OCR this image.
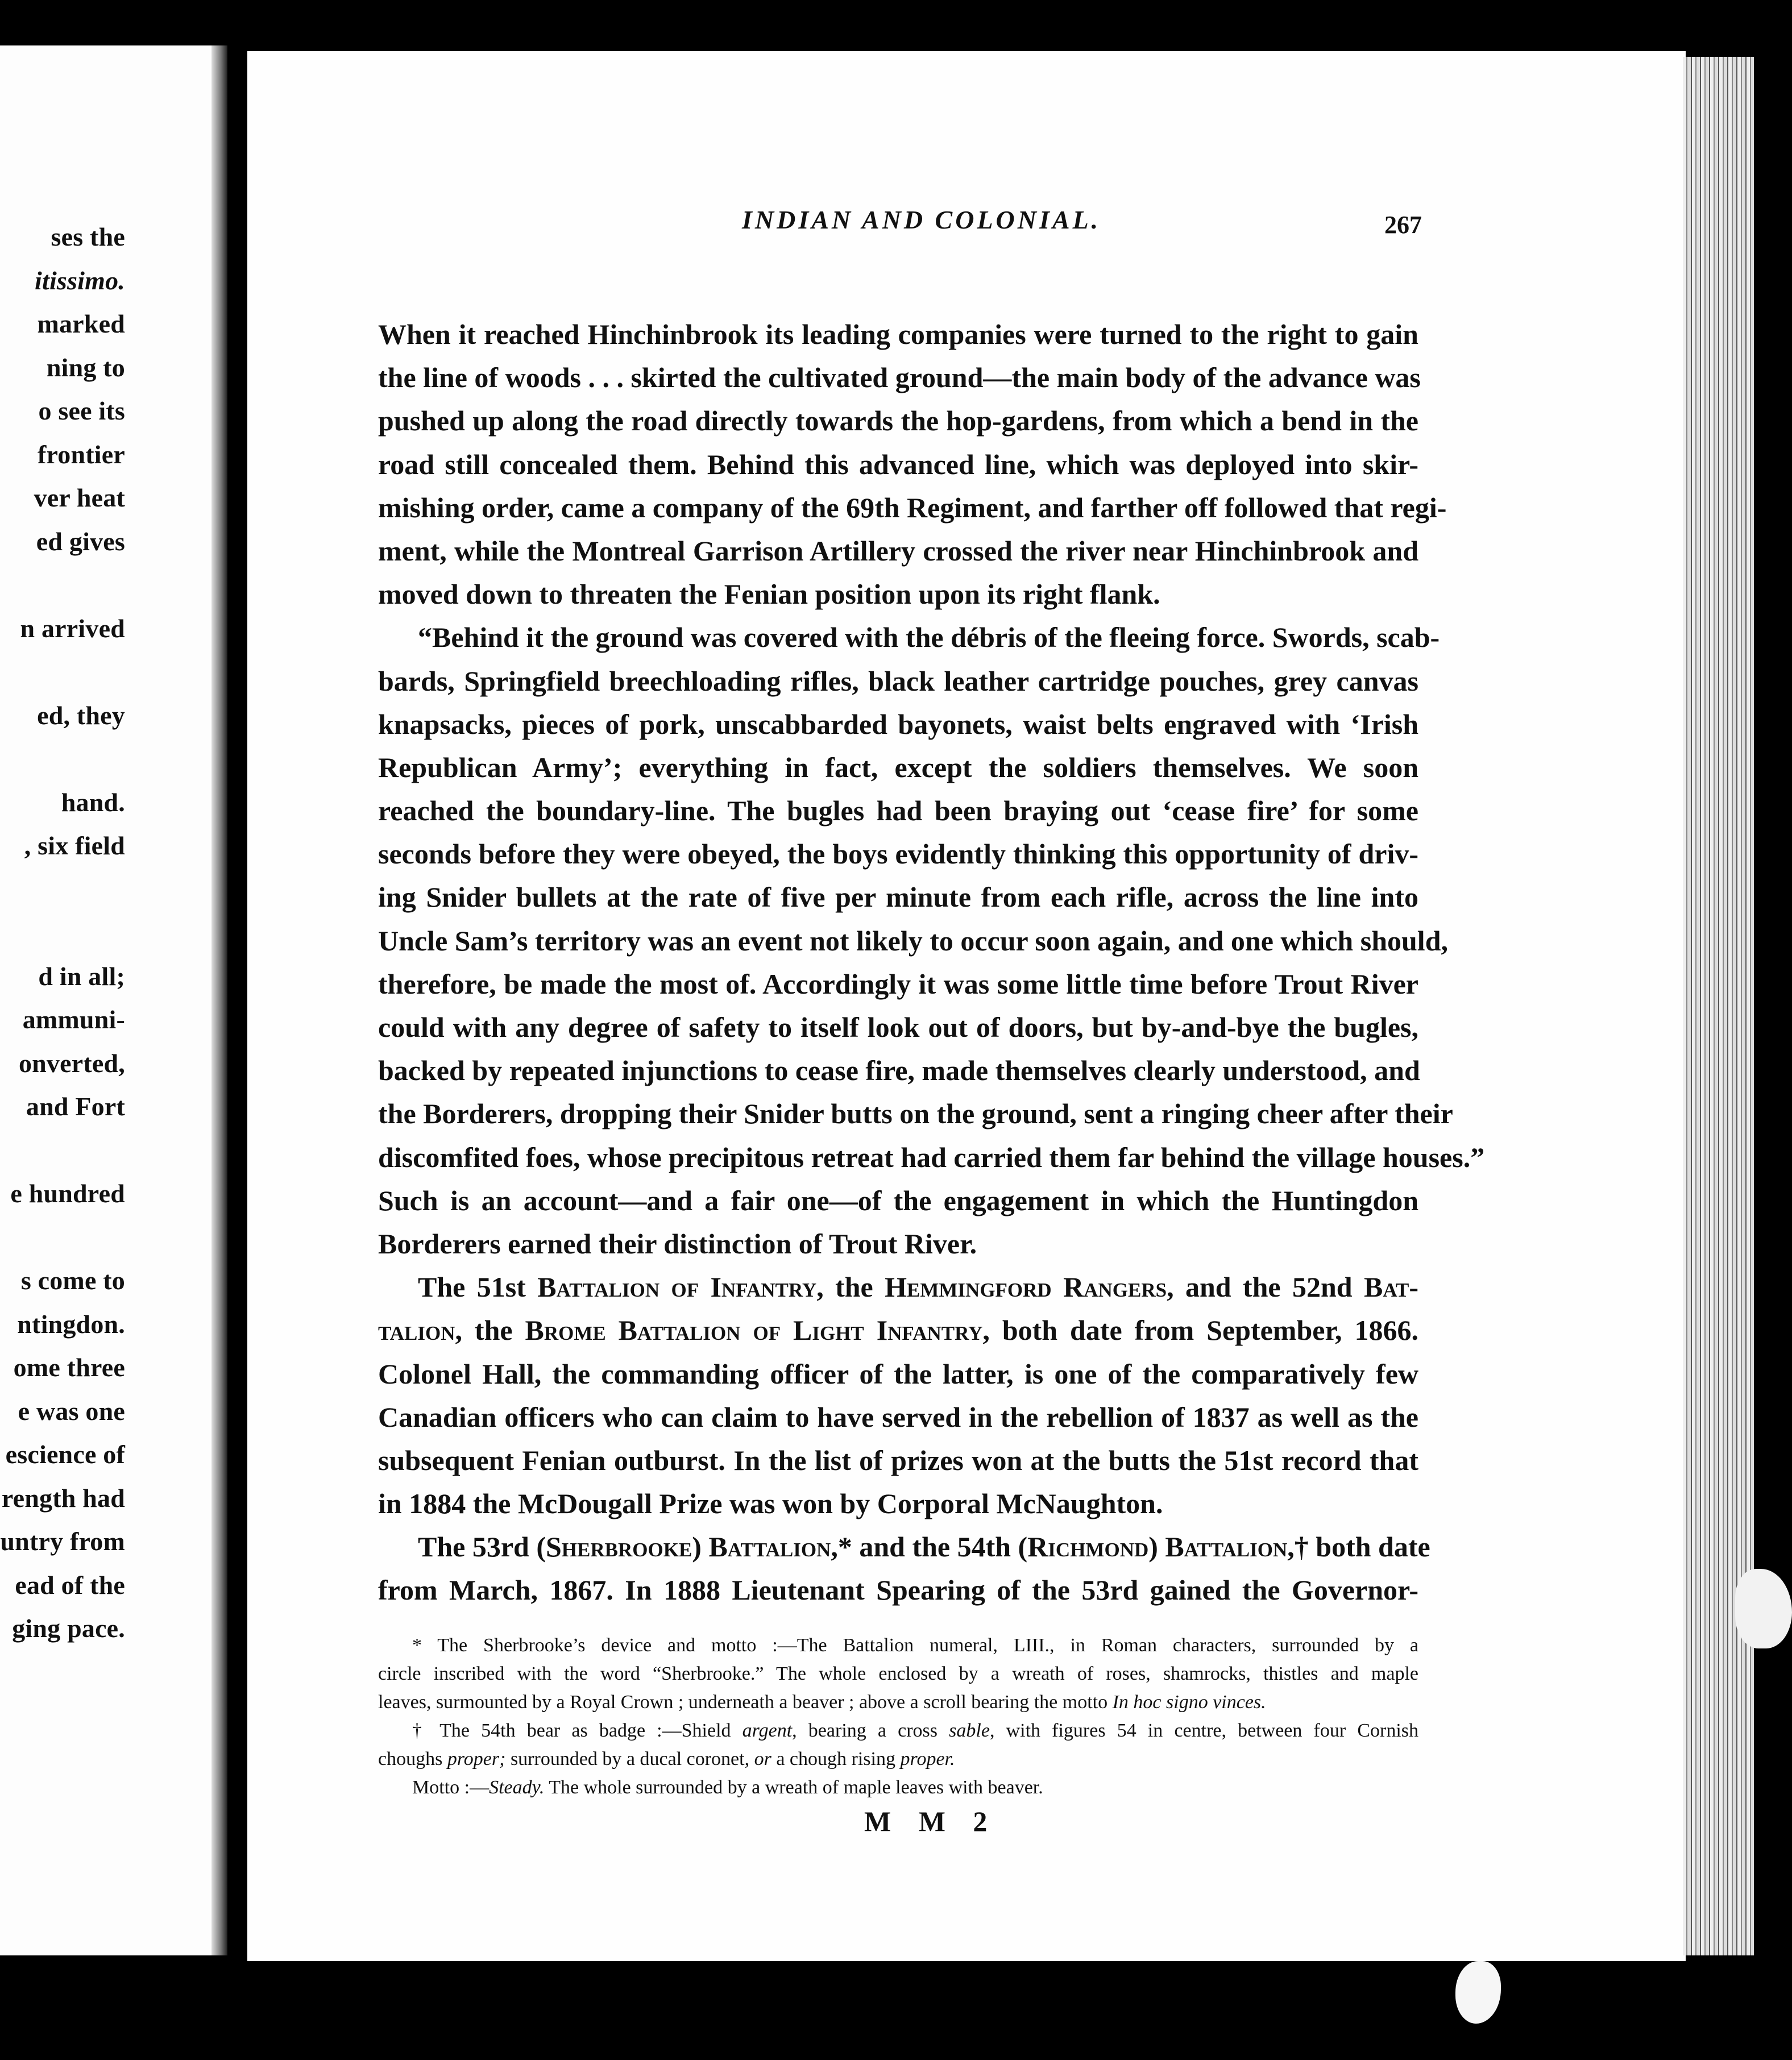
ses the
itissimo.
marked
ning to
o see its
frontier
ver heat
ed gives
n arrived
ed, they
hand.
, six field
d in all;
ammuni-
onverted,
and Fort
e hundred
s come to
ntingdon.
ome three
e was one
escience of
rength had
untry from
ead of the
ging pace.
INDIAN AND COLONIAL.	267
When it reached Hinchinbrook its leading companies were turned to the right to gain
the line of woods . . . skirted the cultivated ground—the main body of the advance was
pushed up along the road directly towards the hop-gardens, from which a bend in the
road still concealed them. Behind this advanced line, which was deployed into skir-
mishing order, came a company of the 69th Regiment, and farther off followed that regi-
ment, while the Montreal Garrison Artillery crossed the river near Hinchinbrook and
moved down to threaten the Fenian position upon its right flank.
“Behind it the ground was covered with the débris of the fleeing force. Swords, scab-
bards, Springfield breechloading rifles, black leather cartridge pouches, grey canvas
knapsacks, pieces of pork, unscabbarded bayonets, waist belts engraved with ‘Irish
Republican Army’; everything in fact, except the soldiers themselves. We soon
reached the boundary-line. The bugles had been braying out ‘cease fire’ for some
seconds before they were obeyed, the boys evidently thinking this opportunity of driv-
ing Snider bullets at the rate of five per minute from each rifle, across the line into
Uncle Sam’s territory was an event not likely to occur soon again, and one which should,
therefore, be made the most of. Accordingly it was some little time before Trout River
could with any degree of safety to itself look out of doors, but by-and-bye the bugles,
backed by repeated injunctions to cease fire, made themselves clearly understood, and
the Borderers, dropping their Snider butts on the ground, sent a ringing cheer after their
discomfited foes, whose precipitous retreat had carried them far behind the village houses.”
Such is an account—and a fair one—of the engagement in which the Huntingdon
Borderers earned their distinction of Trout River.
The 51st Battalion of Infantry, the Hemmingford Rangers, and the 52nd Bat-
talion, the Brome Battalion of Light Infantry, both date from September, 1866.
Colonel Hall, the commanding officer of the latter, is one of the comparatively few
Canadian officers who can claim to have served in the rebellion of 1837 as well as the
subsequent Fenian outburst. In the list of prizes won at the butts the 51st record that
in 1884 the McDougall Prize was won by Corporal McNaughton.
The 53rd (Sherbrooke) Battalion,* and the 54th (Richmond) Battalion,† both date
from March, 1867. In 1888 Lieutenant Spearing of the 53rd gained the Governor-
* The Sherbrooke’s device and motto :—The Battalion numeral, LIII., in Roman characters, surrounded by a
circle inscribed with the word “Sherbrooke.” The whole enclosed by a wreath of roses, shamrocks, thistles and maple
leaves, surmounted by a Royal Crown ; underneath a beaver ; above a scroll bearing the motto In hoc signo vinces.
† The 54th bear as badge :—Shield argent, bearing a cross sable, with figures 54 in centre, between four Cornish
choughs proper; surrounded by a ducal coronet, or a chough rising proper.
Motto :—Steady. The whole surrounded by a wreath of maple leaves with beaver.
M M 2
